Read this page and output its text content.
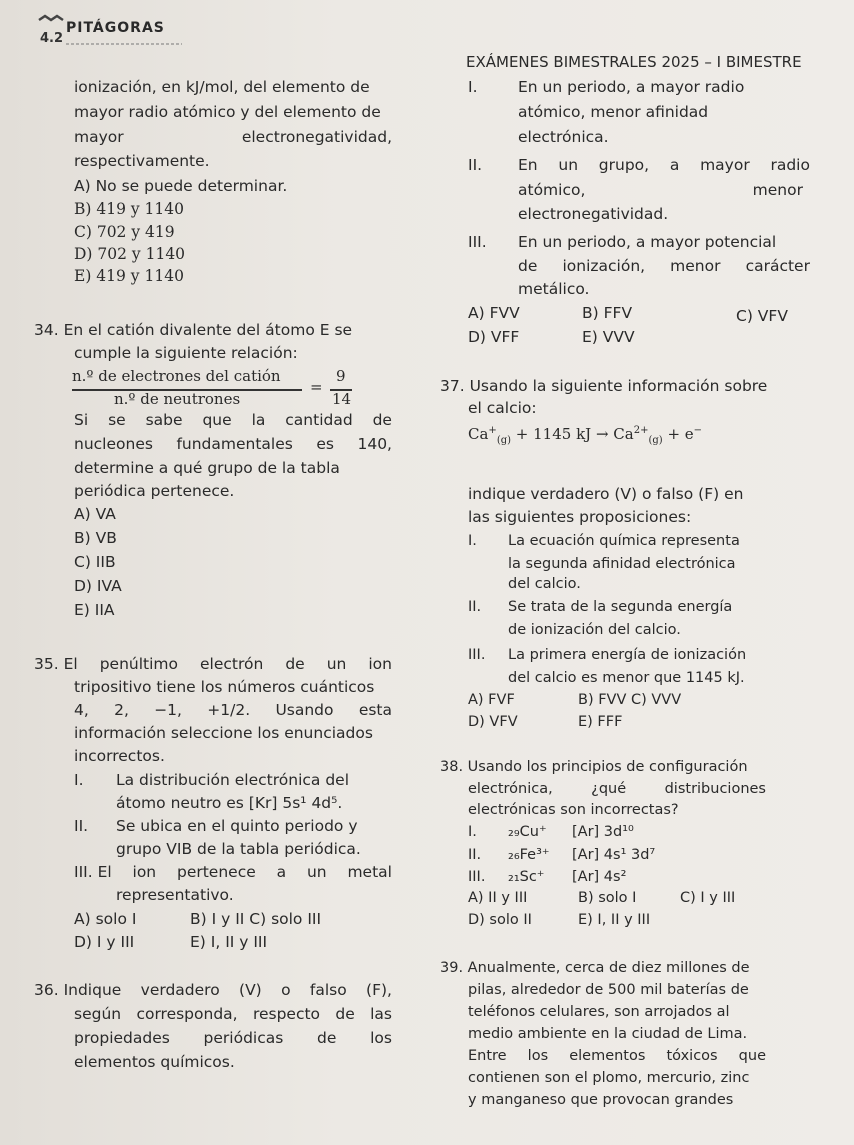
4.2
PITÁGORAS
EXÁMENES BIMESTRALES 2025 – I BIMESTRE
ionización, en kJ/mol, del elemento de
mayor radio atómico y del elemento de
mayor	electronegatividad,
respectivamente.
A) No se puede determinar.
B) 419 y 1140
C) 702 y 419
D) 702 y 1140
E) 419 y 1140
34. En el catión divalente del átomo E se
cumple la siguiente relación:
n.º de electrones del catión
n.º de neutrones
=
9
14
Si se sabe que la cantidad de
nucleones fundamentales es 140,
determine a qué grupo de la tabla
periódica pertenece.
A) VA
B) VB
C) IIB
D) IVA
E) IIA
35. El penúltimo electrón de un ion
tripositivo tiene los números cuánticos
4, 2, −1, +1/2. Usando esta
información seleccione los enunciados
incorrectos.
I. La distribución electrónica del
átomo neutro es [Kr] 5s¹ 4d⁵.
II. Se ubica en el quinto periodo y
grupo VIB de la tabla periódica.
III. El ion pertenece a un metal
representativo.
A) solo I	B) I y II C) solo III
D) I y III	E) I, II y III
36. Indique verdadero (V) o falso (F),
según corresponda, respecto de las
propiedades periódicas de los
elementos químicos.
I.	En un periodo, a mayor radio
atómico, menor afinidad
electrónica.
II. En un grupo, a mayor radio
atómico,	menor
electronegatividad.
III. En un periodo, a mayor potencial
de ionización, menor carácter
metálico.
A) FVV	B) FFV	C) VFV
D) VFF	E) VVV
37. Usando la siguiente información sobre
el calcio:
$Ca^+_{(g)} + 1145$ kJ → $Ca^{2+}_{(g)} + e^-$
indique verdadero (V) o falso (F) en
las siguientes proposiciones:
I. La ecuación química representa
la segunda afinidad electrónica
del calcio.
II. Se trata de la segunda energía
de ionización del calcio.
III. La primera energía de ionización
del calcio es menor que 1145 kJ.
A) FVF	B) FVV C) VVV
D) VFV	E) FFF
38. Usando los principios de configuración
electrónica,	¿qué	distribuciones
electrónicas son incorrectas?
I. ₂₉Cu⁺ [Ar] 3d¹⁰
II. ₂₆Fe³⁺ [Ar] 4s¹ 3d⁷
III. ₂₁Sc⁺ [Ar] 4s²
A) II y III	B) solo I	C) I y III
D) solo II	E) I, II y III
39. Anualmente, cerca de diez millones de
pilas, alrededor de 500 mil baterías de
teléfonos celulares, son arrojados al
medio ambiente en la ciudad de Lima.
Entre los elementos tóxicos que
contienen son el plomo, mercurio, zinc
y manganeso que provocan grandes
